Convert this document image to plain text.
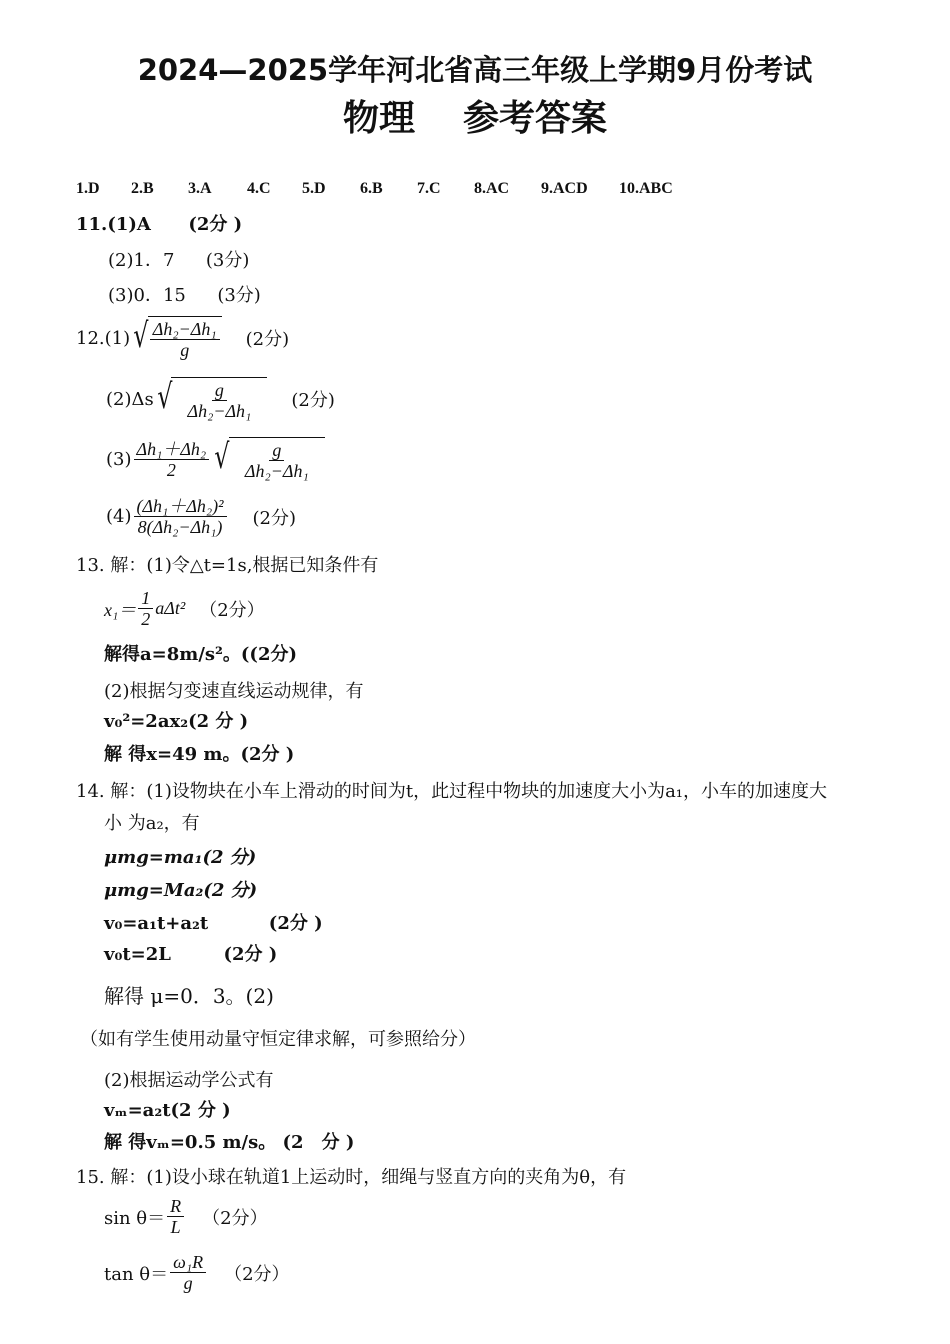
2024—2025学年河北省高三年级上学期9月份考试
物理 参考答案
1.D 2.B 3.A 4.C 5.D 6.B 7.C 8.AC 9.ACD 10.ABC
11.(1)A (2分 )
(2)1．7 (3分)
(3)0．15 (3分)
12.(1) √ $\frac{\text{Δh₂−Δh₁}}{g} (2$分)
(2)Δs √ $\frac{g}{\text{Δh₂−Δh₁}} (2$分)
$(3) \frac{\text{Δh₁＋Δh₂}}{2}$ √ $\frac{g}{\text{Δh₂−Δh₁}}$
$(4) \frac{\text{(Δh₁＋Δh₂)²}}{\text{8(Δh₂−Δh₁)}} (2$分)
13. 解：(1)令△t=1s,根据已知条件有
$x_1= \frac{1}{2} a\Delta t^2$ （2分）
解得a=8m/s²。((2分)
(2)根据匀变速直线运动规律，有
v₀²=2ax₂(2 分 )
解 得x=49 m。(2分 )
14. 解：(1)设物块在小车上滑动的时间为t，此过程中物块的加速度大小为a₁，小车的加速度大
小 为a₂，有
μmg=ma₁(2 分)
μmg=Ma₂(2 分)
v₀=a₁t+a₂t	(2分 )
v₀t=2L	(2分 )
解得 μ=0．3。(2)
（如有学生使用动量守恒定律求解，可参照给分）
(2)根据运动学公式有
vₘ=a₂t(2 分 )
解 得vₘ=0.5 m/s。 (2　分 )
15. 解：(1)设小球在轨道1上运动时，细绳与竖直方向的夹角为θ，有
$\sin \theta= \frac{R}{L} (2$分）
$\tan \theta= \frac{\text{ω₁R}}{g} (2$分）
